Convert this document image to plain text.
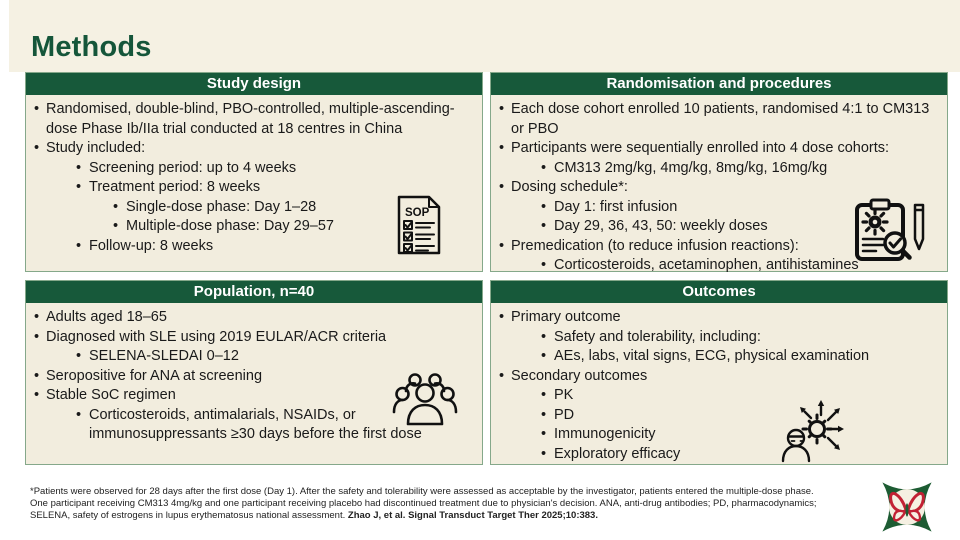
Methods
Study design
• Randomised, double-blind, PBO-controlled, multiple-ascending-dose Phase Ib/IIa trial conducted at 18 centres in China
• Study included:
• Screening period: up to 4 weeks
• Treatment period: 8 weeks
• Single-dose phase: Day 1–28
• Multiple-dose phase: Day 29–57
• Follow-up: 8 weeks
SOP
Randomisation and procedures
• Each dose cohort enrolled 10 patients, randomised 4:1 to CM313 or PBO
• Participants were sequentially enrolled into 4 dose cohorts:
• CM313 2mg/kg, 4mg/kg, 8mg/kg, 16mg/kg
• Dosing schedule*:
• Day 1: first infusion
• Day 29, 36, 43, 50: weekly doses
• Premedication (to reduce infusion reactions):
• Corticosteroids, acetaminophen, antihistamines
Population, n=40
• Adults aged 18–65
• Diagnosed with SLE using 2019 EULAR/ACR criteria
• SELENA-SLEDAI 0–12
• Seropositive for ANA at screening
• Stable SoC regimen
• Corticosteroids, antimalarials, NSAIDs, or immunosuppressants ≥30 days before the first dose
Outcomes
• Primary outcome
• Safety and tolerability, including:
• AEs, labs, vital signs, ECG, physical examination
• Secondary outcomes
• PK
• PD
• Immunogenicity
• Exploratory efficacy
*Patients were observed for 28 days after the first dose (Day 1). After the safety and tolerability were assessed as acceptable by the investigator, patients entered the multiple-dose phase.
One participant receiving CM313 4mg/kg and one participant receiving placebo had discontinued treatment due to physician's decision. ANA, anti-drug antibodies; PD, pharmacodynamics;
SELENA, safety of estrogens in lupus erythematosus national assessment. Zhao J, et al. Signal Transduct Target Ther 2025;10:383.
